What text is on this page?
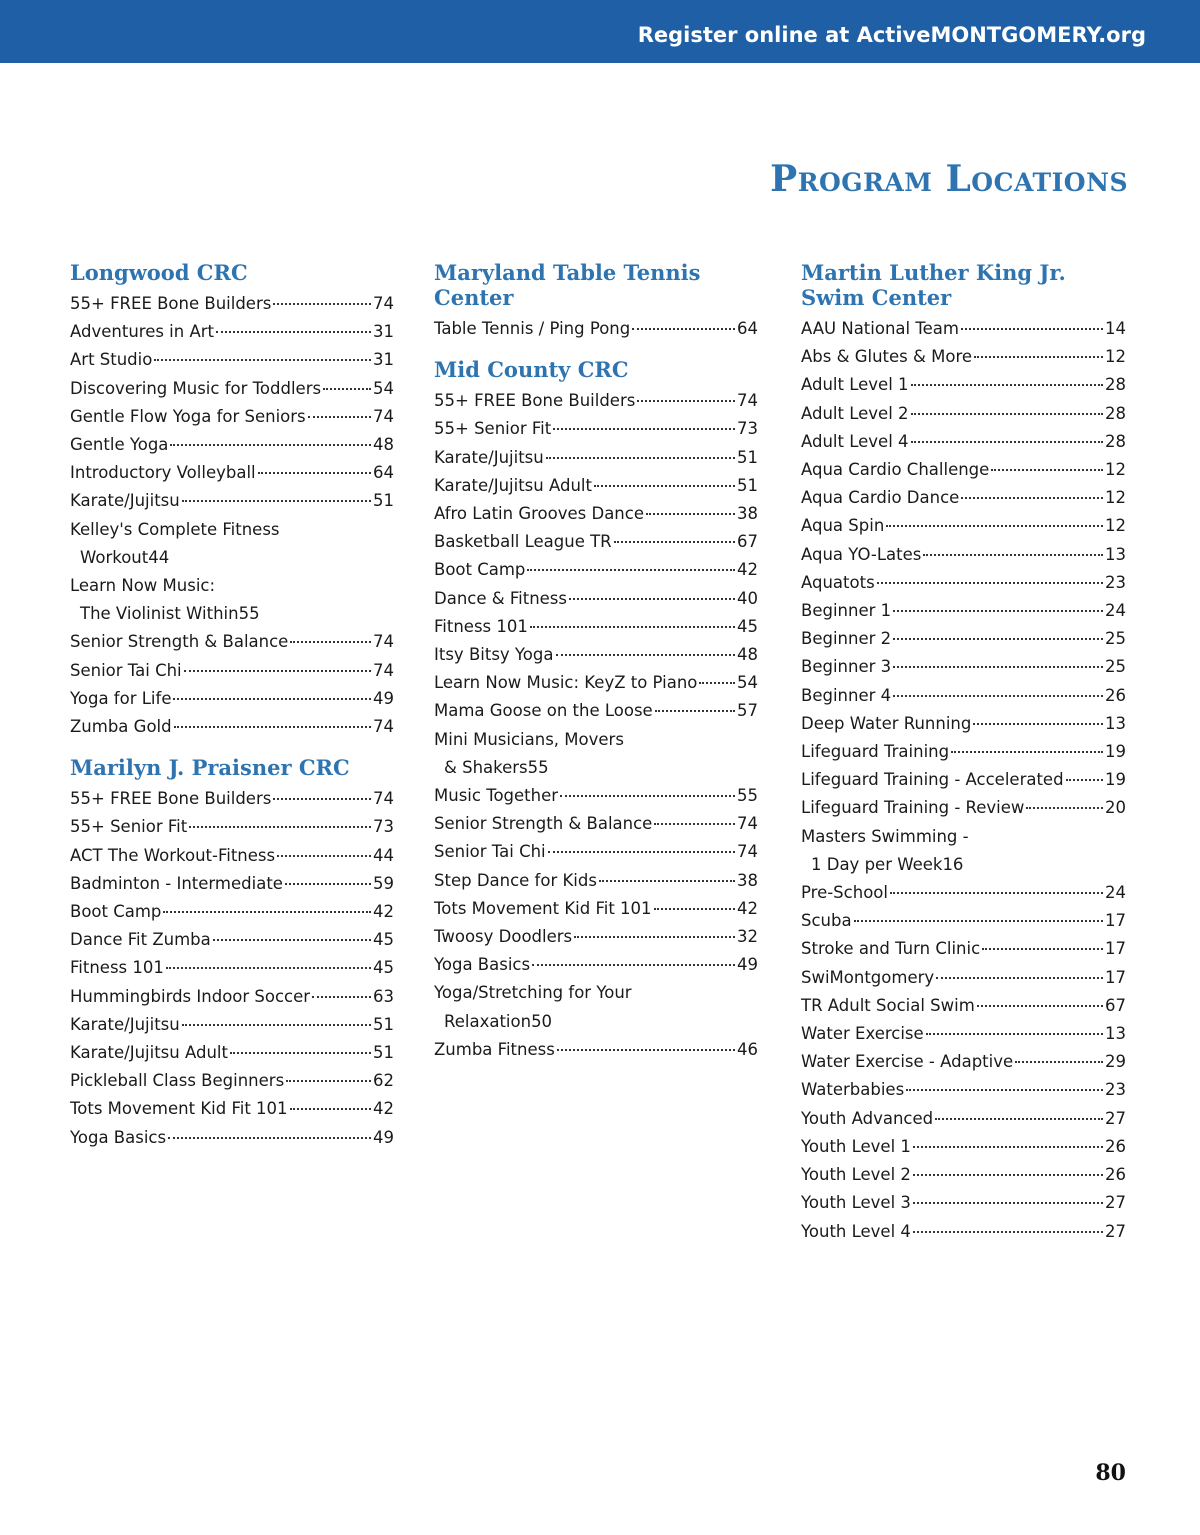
Register online at ActiveMONTGOMERY.org
Program Locations
Longwood CRC
55+ FREE Bone Builders	74
Adventures in Art	31
Art Studio	31
Discovering Music for Toddlers	54
Gentle Flow Yoga for Seniors	74
Gentle Yoga	48
Introductory Volleyball	64
Karate/Jujitsu	51
Kelley's Complete Fitness
Workout 44
Learn Now Music:
The Violinist Within 55
Senior Strength & Balance	74
Senior Tai Chi	74
Yoga for Life	49
Zumba Gold	74
Marilyn J. Praisner CRC
55+ FREE Bone Builders	74
55+ Senior Fit	73
ACT The Workout-Fitness	44
Badminton - Intermediate	59
Boot Camp	42
Dance Fit Zumba	45
Fitness 101	45
Hummingbirds Indoor Soccer	63
Karate/Jujitsu	51
Karate/Jujitsu Adult	51
Pickleball Class Beginners	62
Tots Movement Kid Fit 101	42
Yoga Basics	49
Maryland Table Tennis Center
Table Tennis / Ping Pong	64
Mid County CRC
55+ FREE Bone Builders	74
55+ Senior Fit	73
Karate/Jujitsu	51
Karate/Jujitsu Adult	51
Afro Latin Grooves Dance	38
Basketball League TR	67
Boot Camp	42
Dance & Fitness	40
Fitness 101	45
Itsy Bitsy Yoga	48
Learn Now Music: KeyZ to Piano 54
Mama Goose on the Loose	57
Mini Musicians, Movers
& Shakers 55
Music Together	55
Senior Strength & Balance	74
Senior Tai Chi	74
Step Dance for Kids	38
Tots Movement Kid Fit 101	42
Twoosy Doodlers	32
Yoga Basics	49
Yoga/Stretching for Your
Relaxation 50
Zumba Fitness	46
Martin Luther King Jr. Swim Center
AAU National Team	14
Abs & Glutes & More	12
Adult Level 1	28
Adult Level 2	28
Adult Level 4	28
Aqua Cardio Challenge	12
Aqua Cardio Dance	12
Aqua Spin	12
Aqua YO-Lates	13
Aquatots	23
Beginner 1	24
Beginner 2	25
Beginner 3	25
Beginner 4	26
Deep Water Running	13
Lifeguard Training	19
Lifeguard Training - Accelerated	19
Lifeguard Training - Review	20
Masters Swimming -
1 Day per Week 16
Pre-School	24
Scuba	17
Stroke and Turn Clinic	17
SwiMontgomery	17
TR Adult Social Swim	67
Water Exercise	13
Water Exercise - Adaptive	29
Waterbabies	23
Youth Advanced	27
Youth Level 1	26
Youth Level 2	26
Youth Level 3	27
Youth Level 4	27
80
